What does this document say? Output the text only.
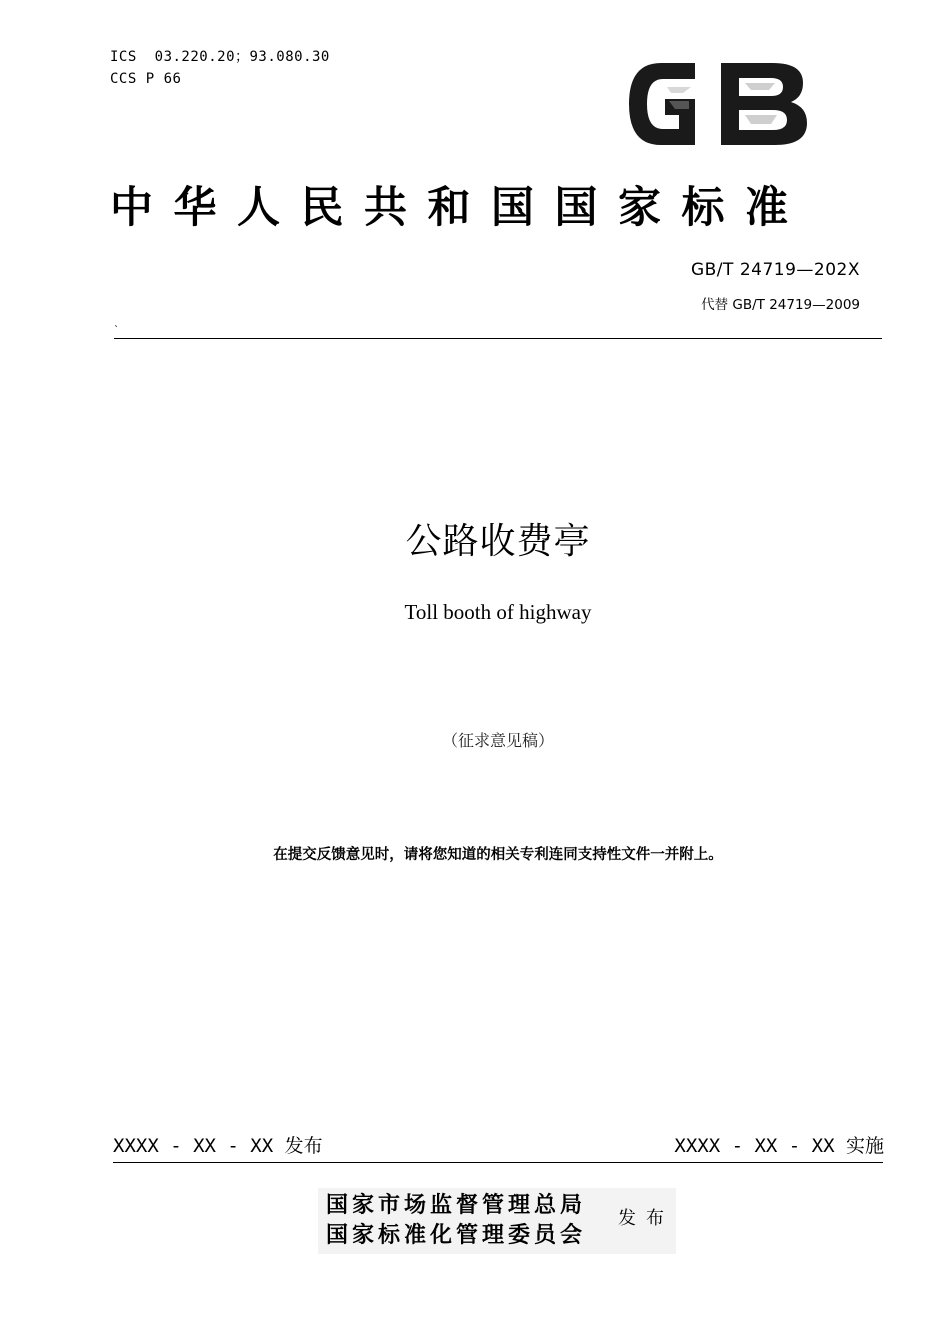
ICS  03.220.20；93.080.30
CCS P 66
中华人民共和国国家标准
GB/T 24719—202X
代替 GB/T 24719—2009
`
公路收费亭
Toll booth of highway
（征求意见稿）
在提交反馈意见时，请将您知道的相关专利连同支持性文件一并附上。
XXXX - XX - XX 发布	XXXX - XX - XX 实施
国家市场监督管理总局
国家标准化管理委员会
发布
